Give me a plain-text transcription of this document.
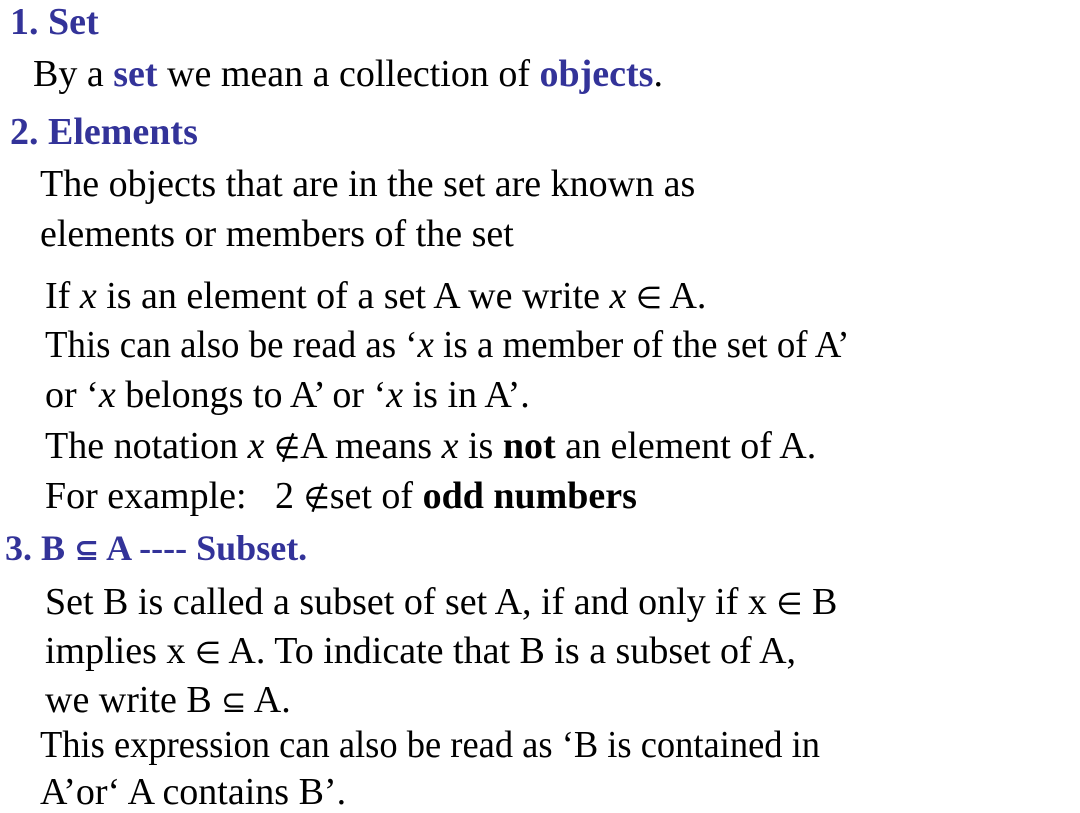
1. Set
By a set we mean a collection of objects.
2. Elements
The objects that are in the set are known as
elements or members of the set
If x is an element of a set A we write x ∈ A.
This can also be read as ‘x is a member of the set of A’
or ‘x belongs to A’ or ‘x is in A’.
The notation x ∉A means x is not an element of A.
For example:   2 ∉set of odd numbers
3. B ⊆ A ---- Subset.
Set B is called a subset of set A, if and only if x ∈ B
implies x ∈ A. To indicate that B is a subset of A,
we write B ⊆ A.
This expression can also be read as ‘B is contained in
A’or‘ A contains B’.
